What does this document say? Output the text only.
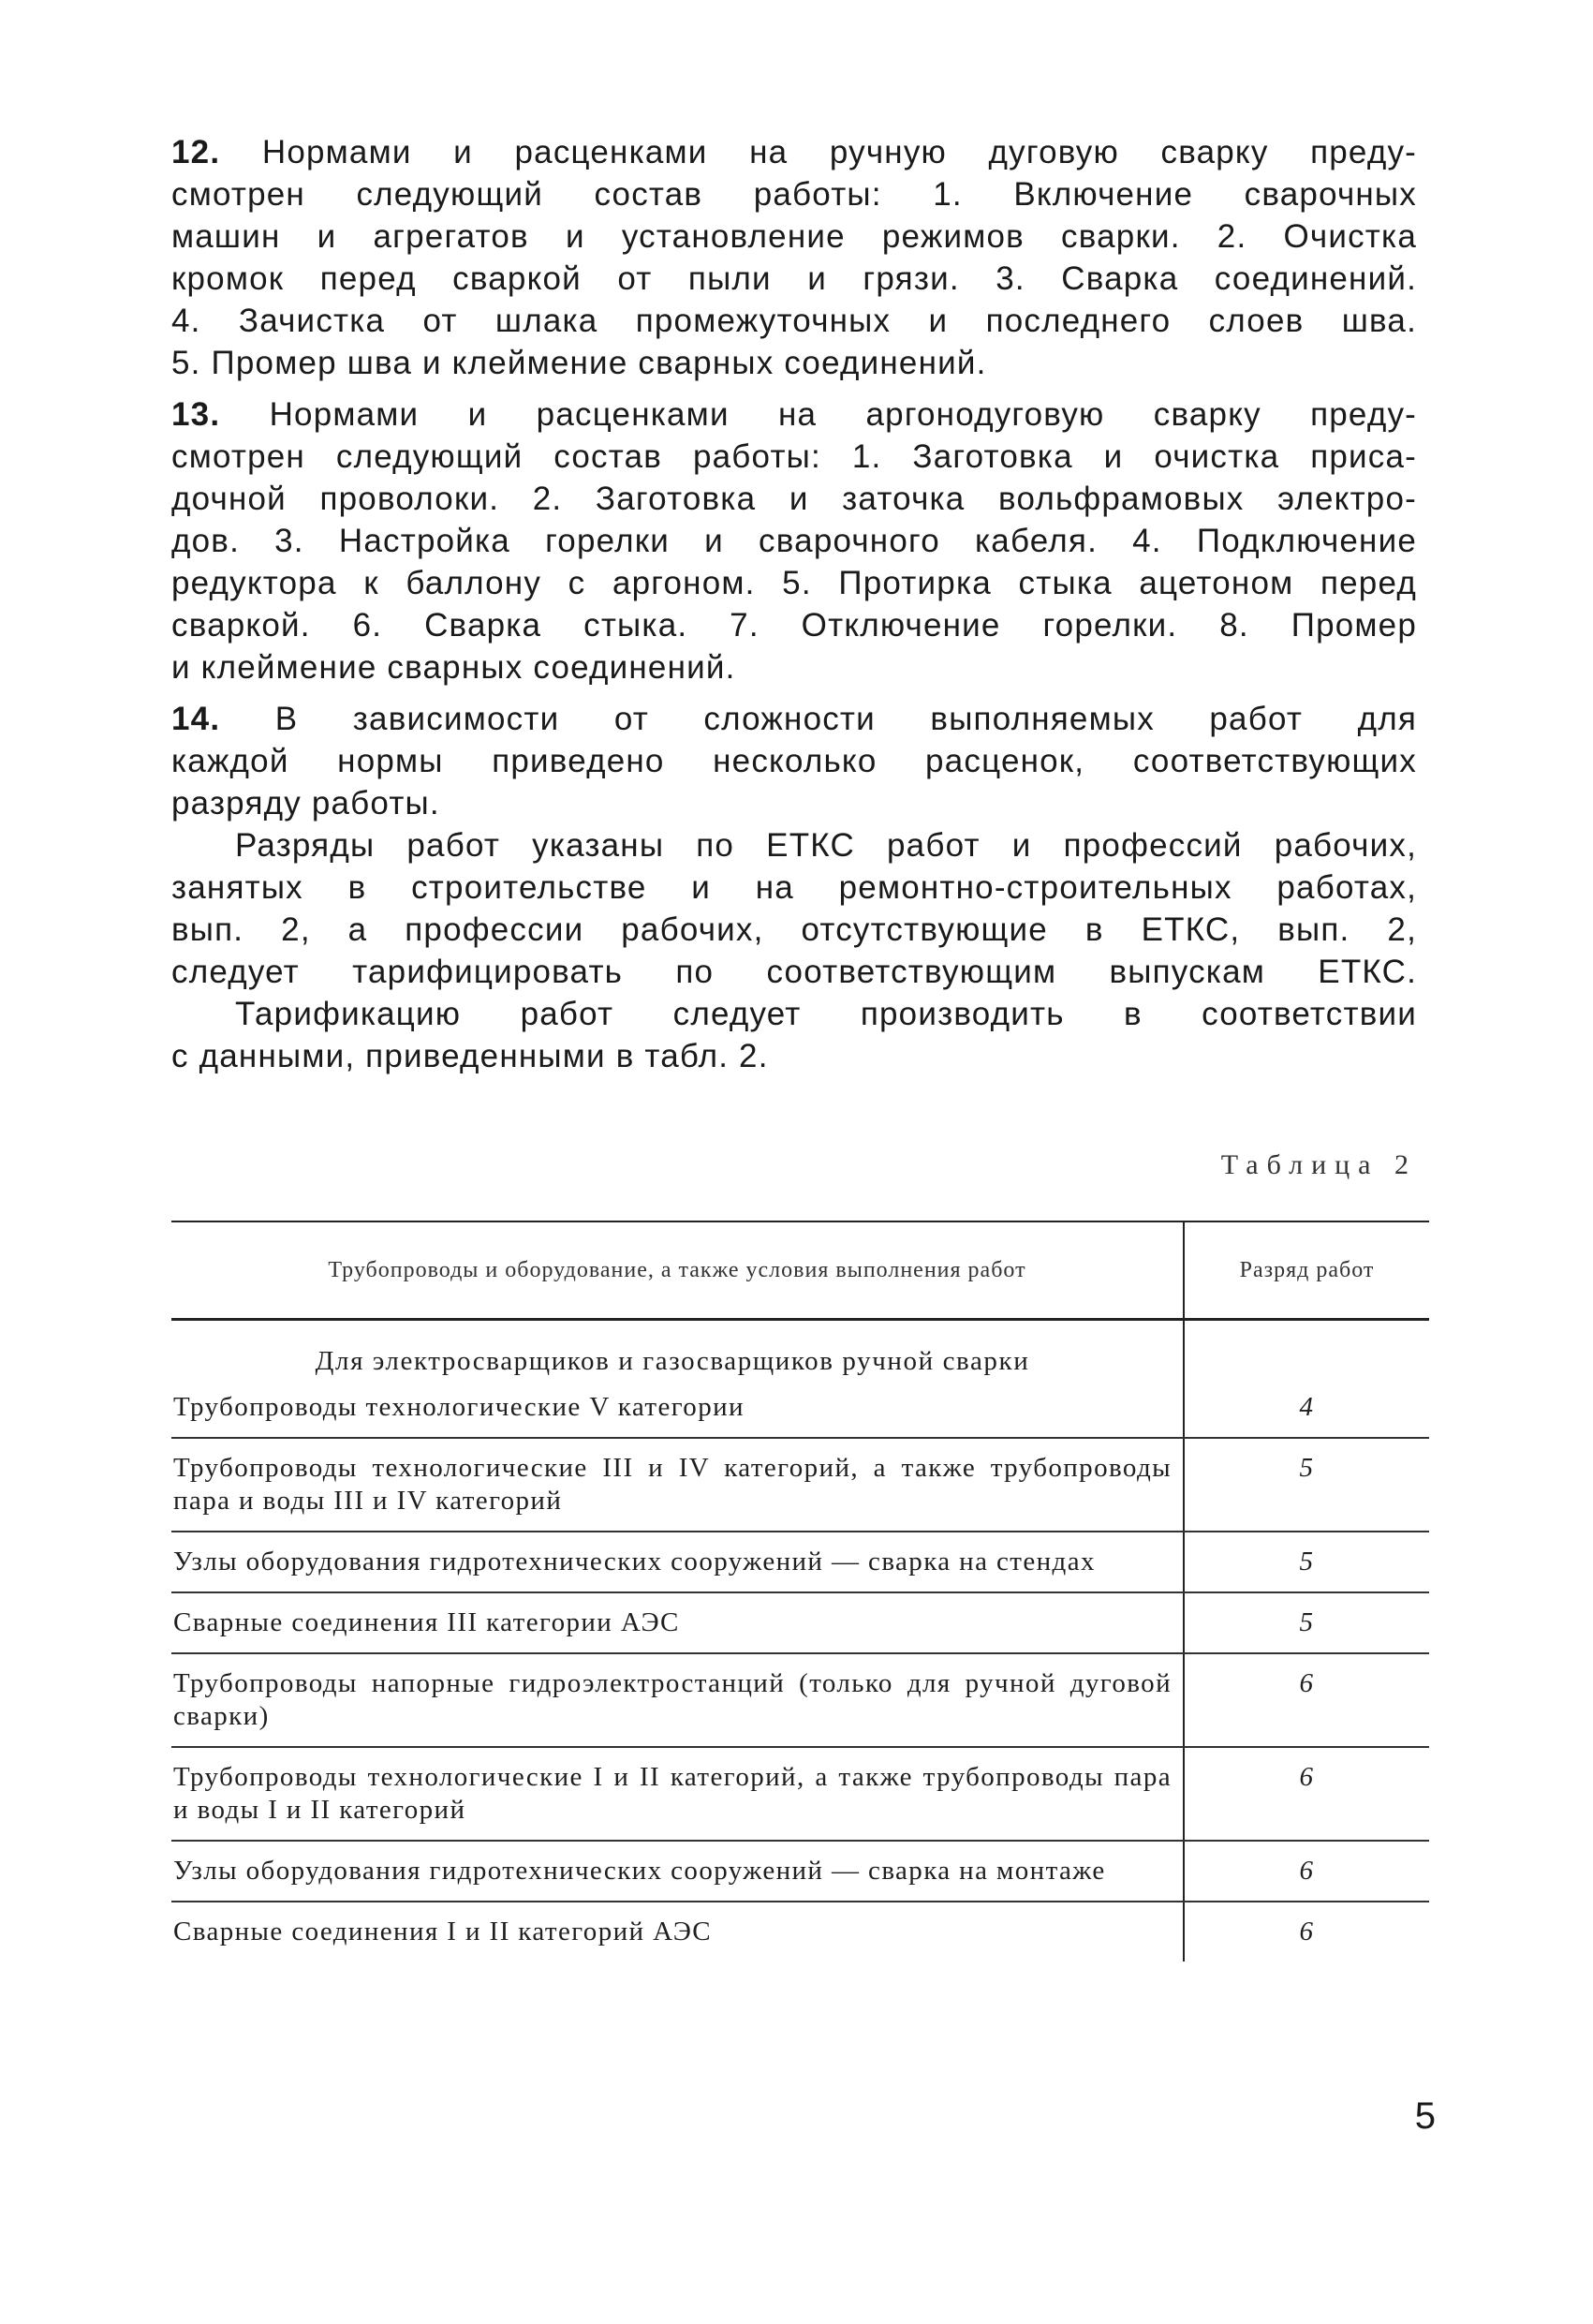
12. Нормами и расценками на ручную дуговую сварку преду-
смотрен следующий состав работы: 1. Включение сварочных
машин и агрегатов и установление режимов сварки. 2. Очистка
кромок перед сваркой от пыли и грязи. 3. Сварка соединений.
4. Зачистка от шлака промежуточных и последнего слоев шва.
5. Промер шва и клеймение сварных соединений.
13. Нормами и расценками на аргонодуговую сварку преду-
смотрен следующий состав работы: 1. Заготовка и очистка приса-
дочной проволоки. 2. Заготовка и заточка вольфрамовых электро-
дов. 3. Настройка горелки и сварочного кабеля. 4. Подключение
редуктора к баллону с аргоном. 5. Протирка стыка ацетоном перед
сваркой. 6. Сварка стыка. 7. Отключение горелки. 8. Промер
и клеймение сварных соединений.
14. В зависимости от сложности выполняемых работ для
каждой нормы приведено несколько расценок, соответствующих
разряду работы.
Разряды работ указаны по ЕТКС работ и профессий рабочих,
занятых в строительстве и на ремонтно-строительных работах,
вып. 2, а профессии рабочих, отсутствующие в ЕТКС, вып. 2,
следует тарифицировать по соответствующим выпускам ЕТКС.
Тарификацию работ следует производить в соответствии
с данными, приведенными в табл. 2.
Таблица 2
Трубопроводы и оборудование, а также условия выполнения работ	Разряд работ

Для электросварщиков и газосварщиков ручной сварки
Трубопроводы технологические V категории	4
Трубопроводы технологические III и IV категорий, а также трубопроводы пара и воды III и IV категорий	5
Узлы оборудования гидротехнических сооружений — сварка на стендах	5
Сварные соединения III категории АЭС	5
Трубопроводы напорные гидроэлектростанций (только для ручной дуговой сварки)	6
Трубопроводы технологические I и II категорий, а также трубопроводы пара и воды I и II категорий	6
Узлы оборудования гидротехнических сооружений — сварка на монтаже	6
Сварные соединения I и II категорий АЭС	6
5
